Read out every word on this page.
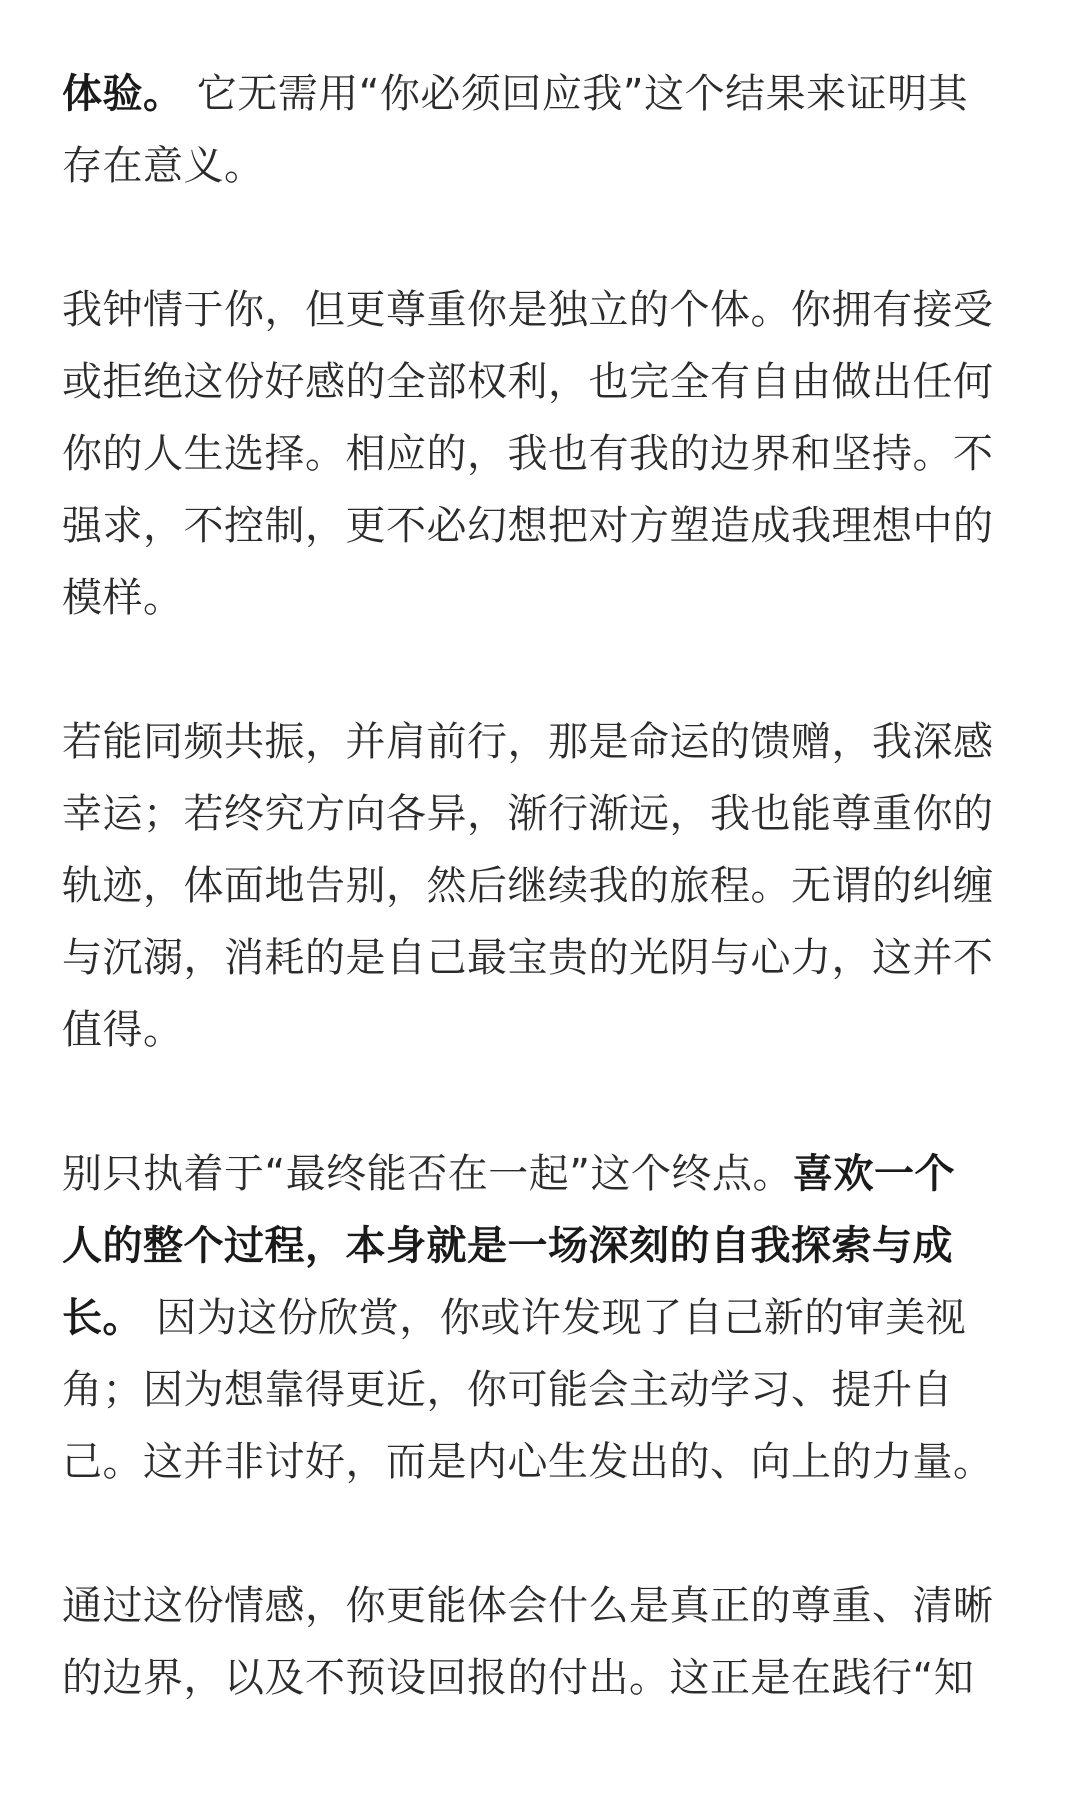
体验。 它无需用“你必须回应我”这个结果来证明其
存在意义。

我钟情于你，但更尊重你是独立的个体。你拥有接受
或拒绝这份好感的全部权利，也完全有自由做出任何
你的人生选择。相应的，我也有我的边界和坚持。不
强求，不控制，更不必幻想把对方塑造成我理想中的
模样。

若能同频共振，并肩前行，那是命运的馈赠，我深感
幸运；若终究方向各异，渐行渐远，我也能尊重你的
轨迹，体面地告别，然后继续我的旅程。无谓的纠缠
与沉溺，消耗的是自己最宝贵的光阴与心力，这并不
值得。

别只执着于“最终能否在一起”这个终点。喜欢一个
人的整个过程，本身就是一场深刻的自我探索与成
长。 因为这份欣赏，你或许发现了自己新的审美视
角；因为想靠得更近，你可能会主动学习、提升自
己。这并非讨好，而是内心生发出的、向上的力量。

通过这份情感，你更能体会什么是真正的尊重、清晰
的边界，以及不预设回报的付出。这正是在践行“知
